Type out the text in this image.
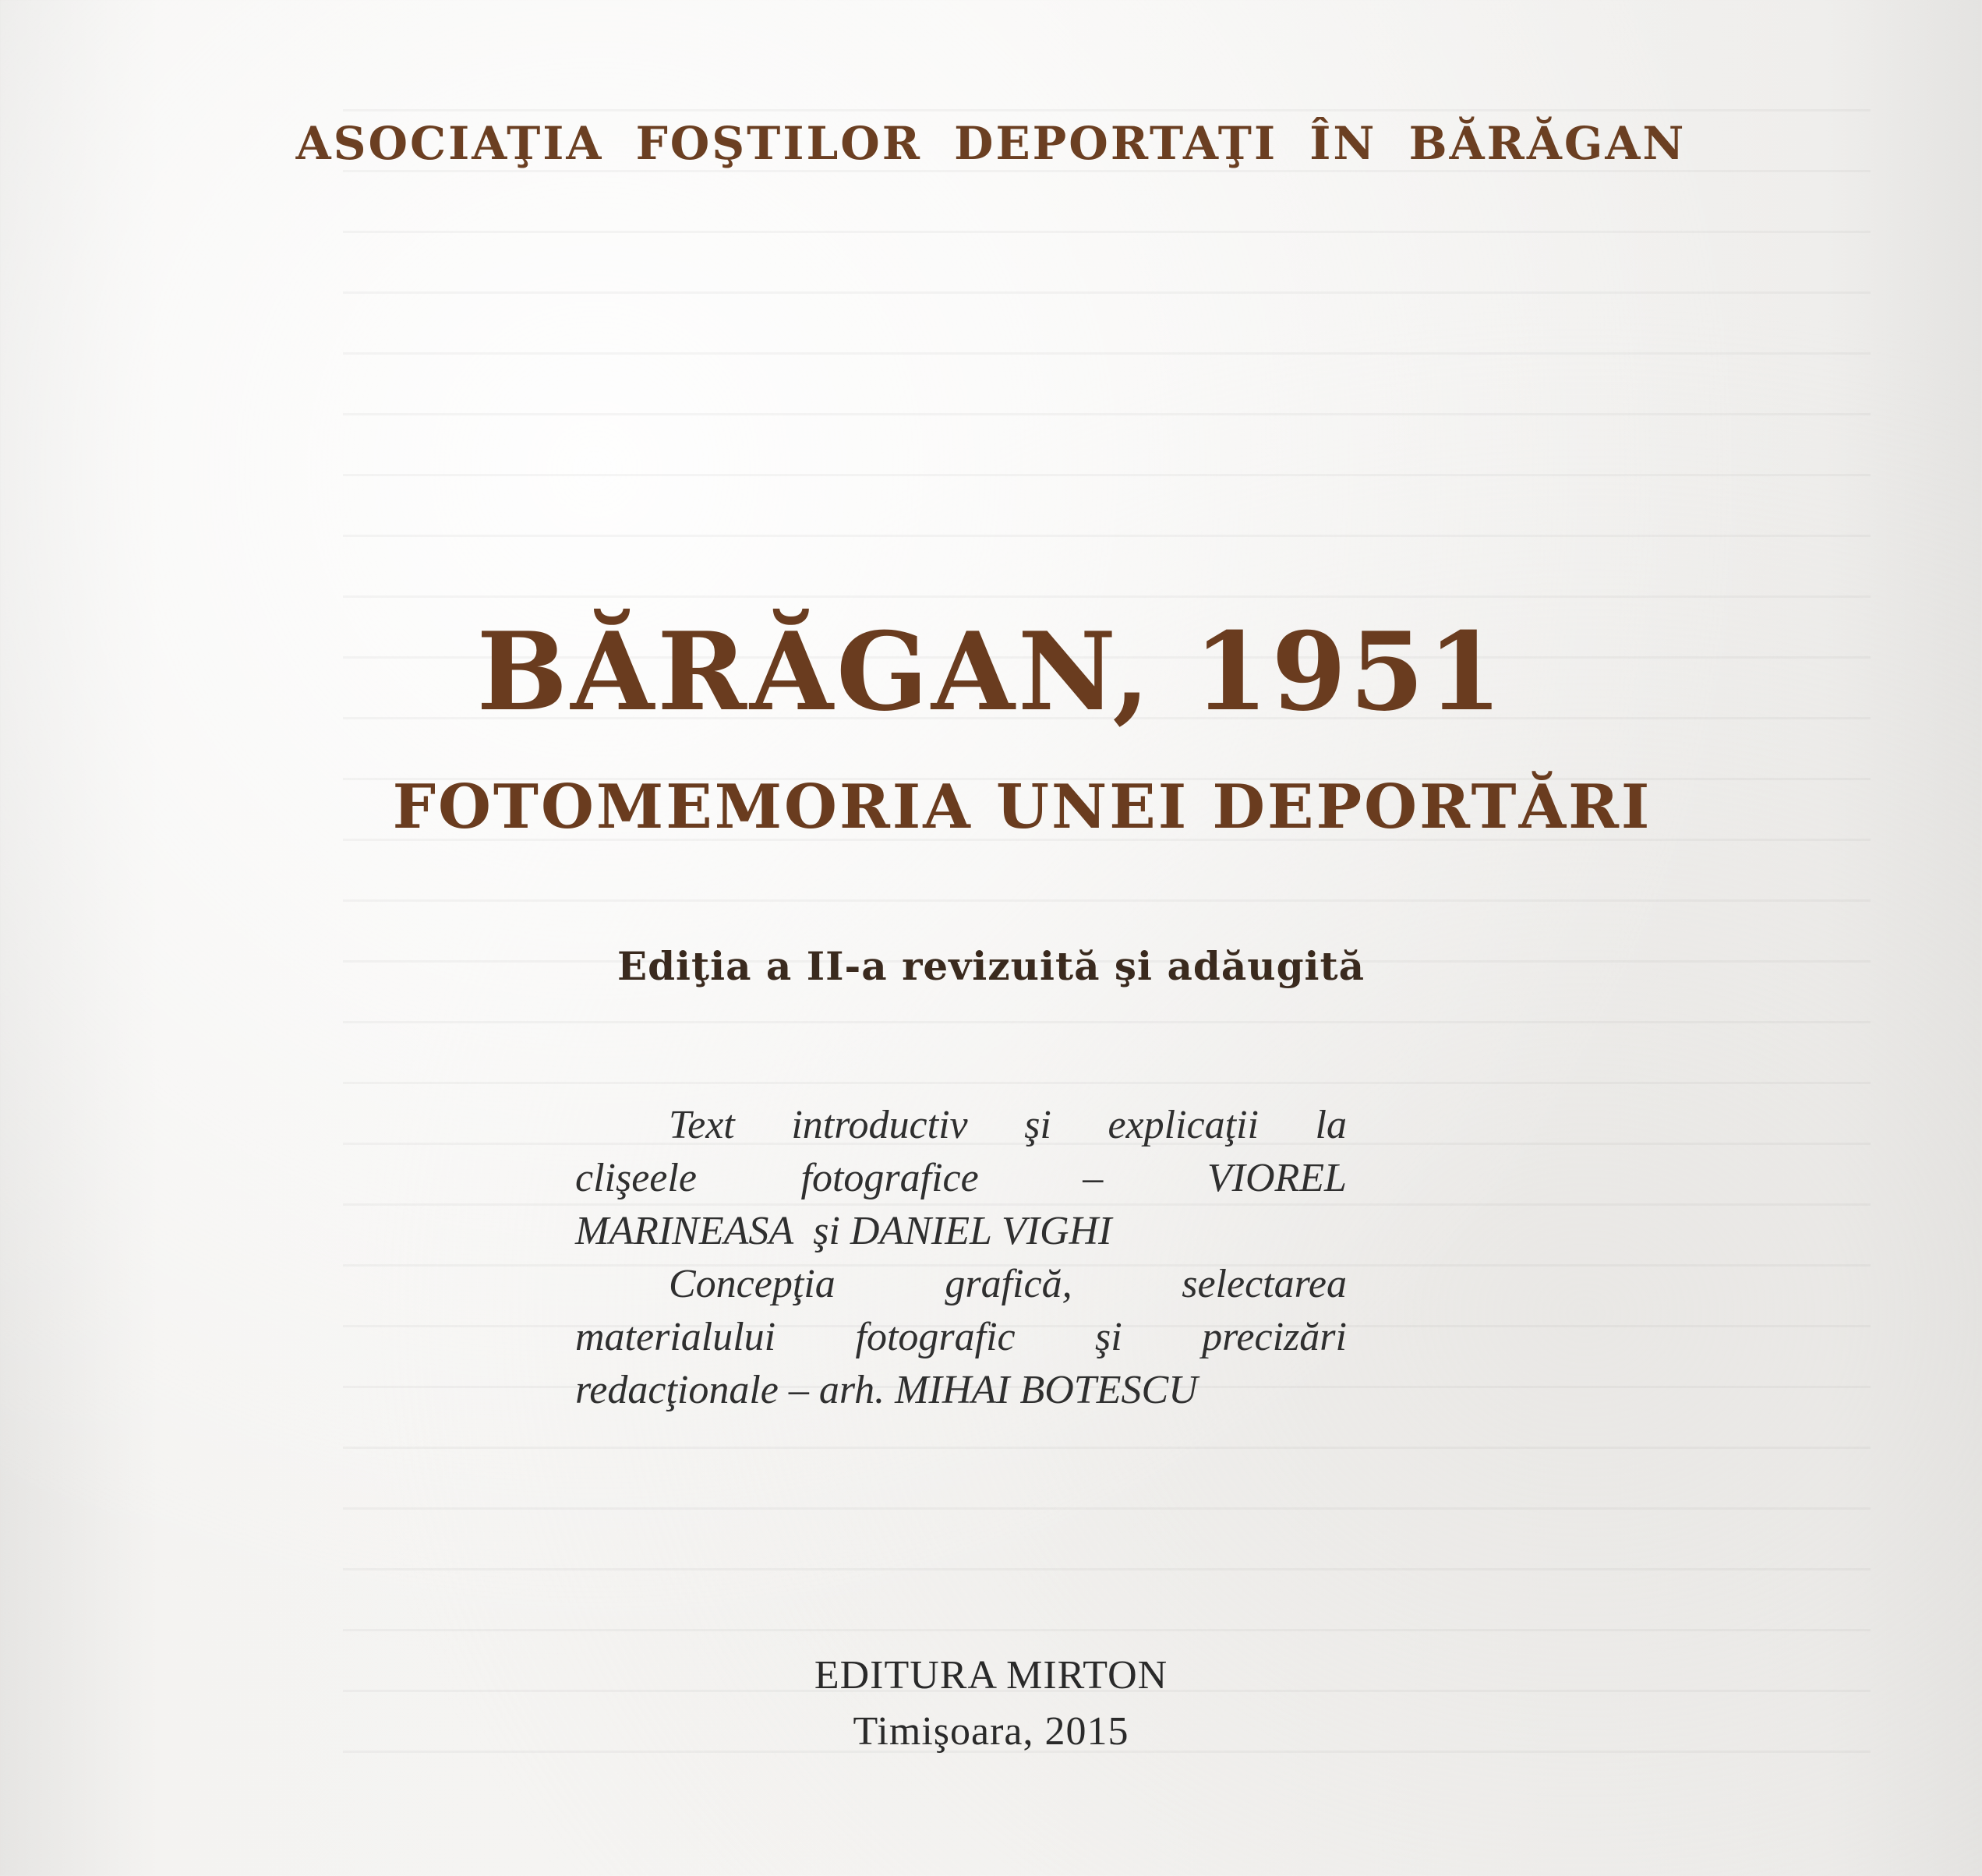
ASOCIAŢIA FOŞTILOR DEPORTAŢI ÎN BĂRĂGAN
BĂRĂGAN, 1951
FOTOMEMORIA UNEI DEPORTĂRI
Ediţia a II-a revizuită şi adăugită
Text introductiv şi explicaţii la
clişeele	fotografice	–	VIOREL
MARINEASA  şi DANIEL VIGHI
Concepţia	grafică,	selectarea
materialului fotografic şi precizări
redacţionale – arh. MIHAI BOTESCU
EDITURA MIRTON
Timişoara, 2015
